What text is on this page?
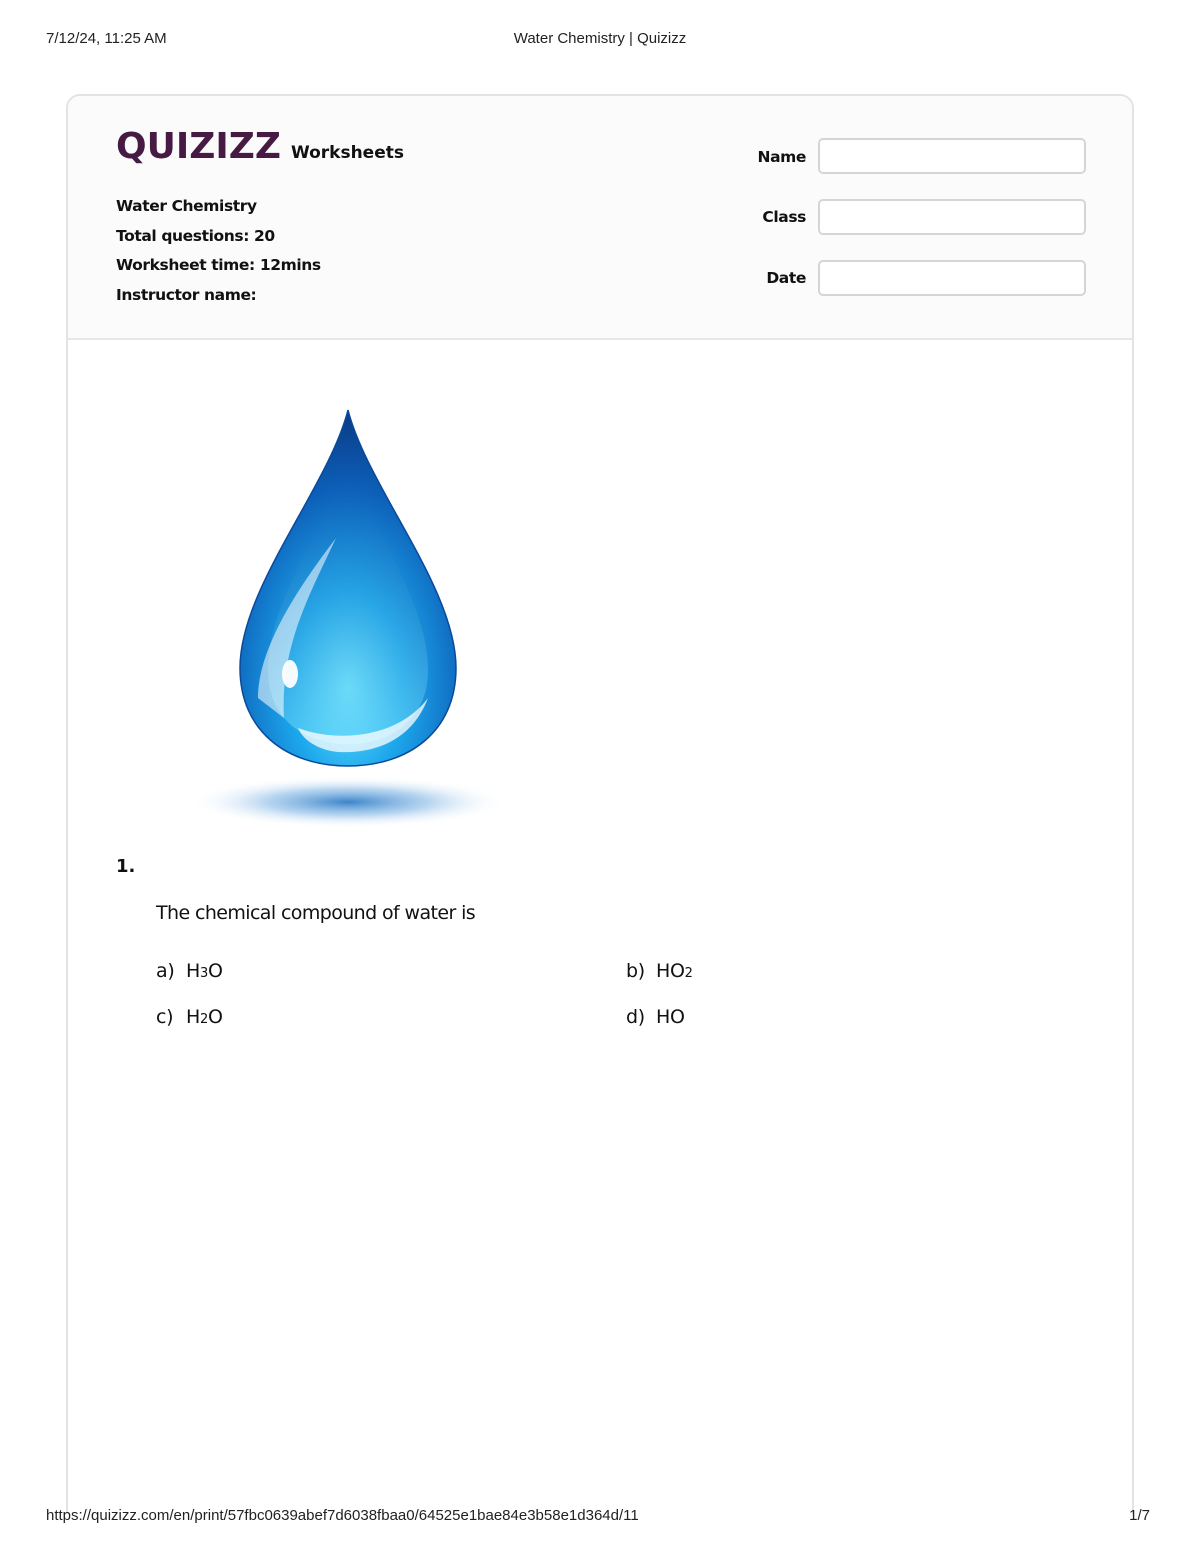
7/12/24, 11:25 AM	Water Chemistry | Quizizz
QUIZIZZ Worksheets
Water Chemistry
Total questions: 20
Worksheet time: 12mins
Instructor name:
Name
Class
Date
1.
The chemical compound of water is
a) H 3 O	b) HO 2
c) H 2 O	d) HO
https://quizizz.com/en/print/57fbc0639abef7d6038fbaa0/64525e1bae84e3b58e1d364d/11	1/7
